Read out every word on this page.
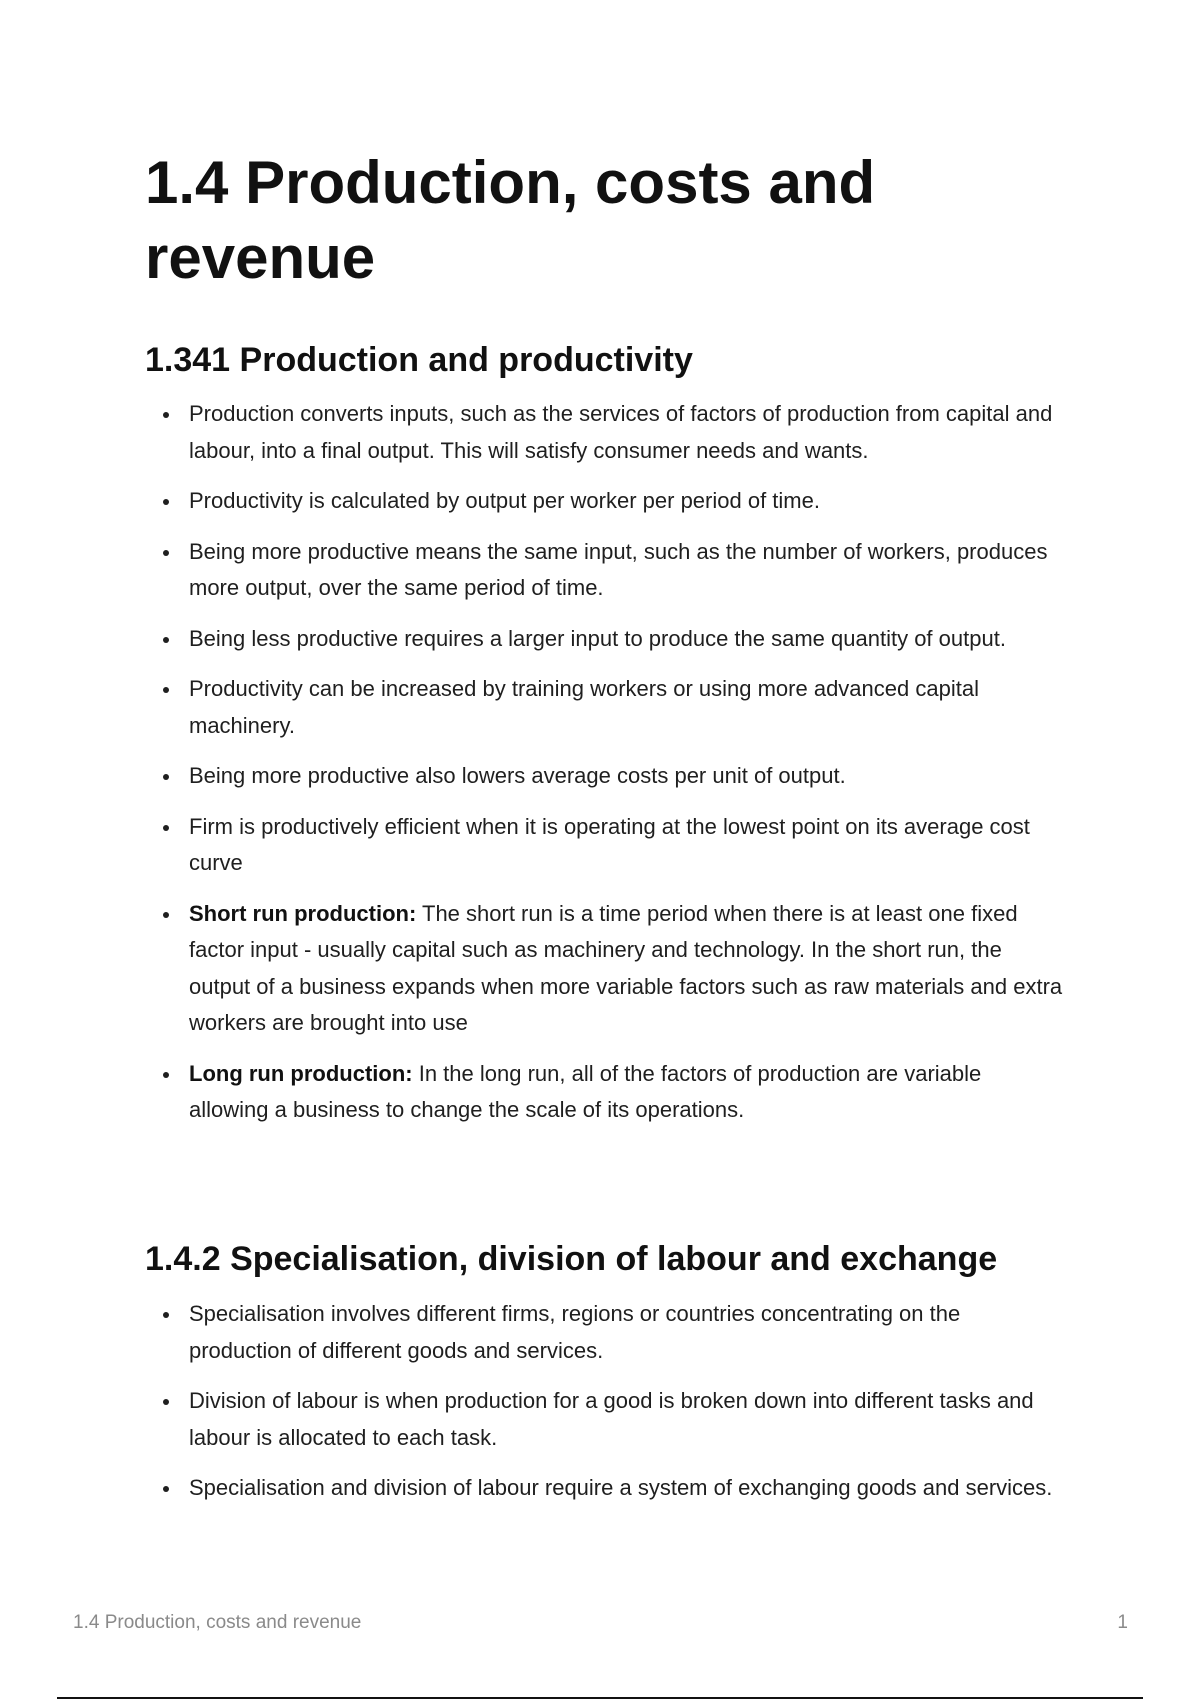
1.4 Production, costs and revenue
1.341 Production and productivity
Production converts inputs, such as the services of factors of production from capital and labour, into a final output. This will satisfy consumer needs and wants.
Productivity is calculated by output per worker per period of time.
Being more productive means the same input, such as the number of workers, produces more output, over the same period of time.
Being less productive requires a larger input to produce the same quantity of output.
Productivity can be increased by training workers or using more advanced capital machinery.
Being more productive also lowers average costs per unit of output.
Firm is productively efficient when it is operating at the lowest point on its average cost curve
Short run production: The short run is a time period when there is at least one fixed factor input - usually capital such as machinery and technology. In the short run, the output of a business expands when more variable factors such as raw materials and extra workers are brought into use
Long run production: In the long run, all of the factors of production are variable allowing a business to change the scale of its operations.
1.4.2 Specialisation, division of labour and exchange
Specialisation involves different firms, regions or countries concentrating on the production of different goods and services.
Division of labour is when production for a good is broken down into different tasks and labour is allocated to each task.
Specialisation and division of labour require a system of exchanging goods and services.
1.4 Production, costs and revenue	1
